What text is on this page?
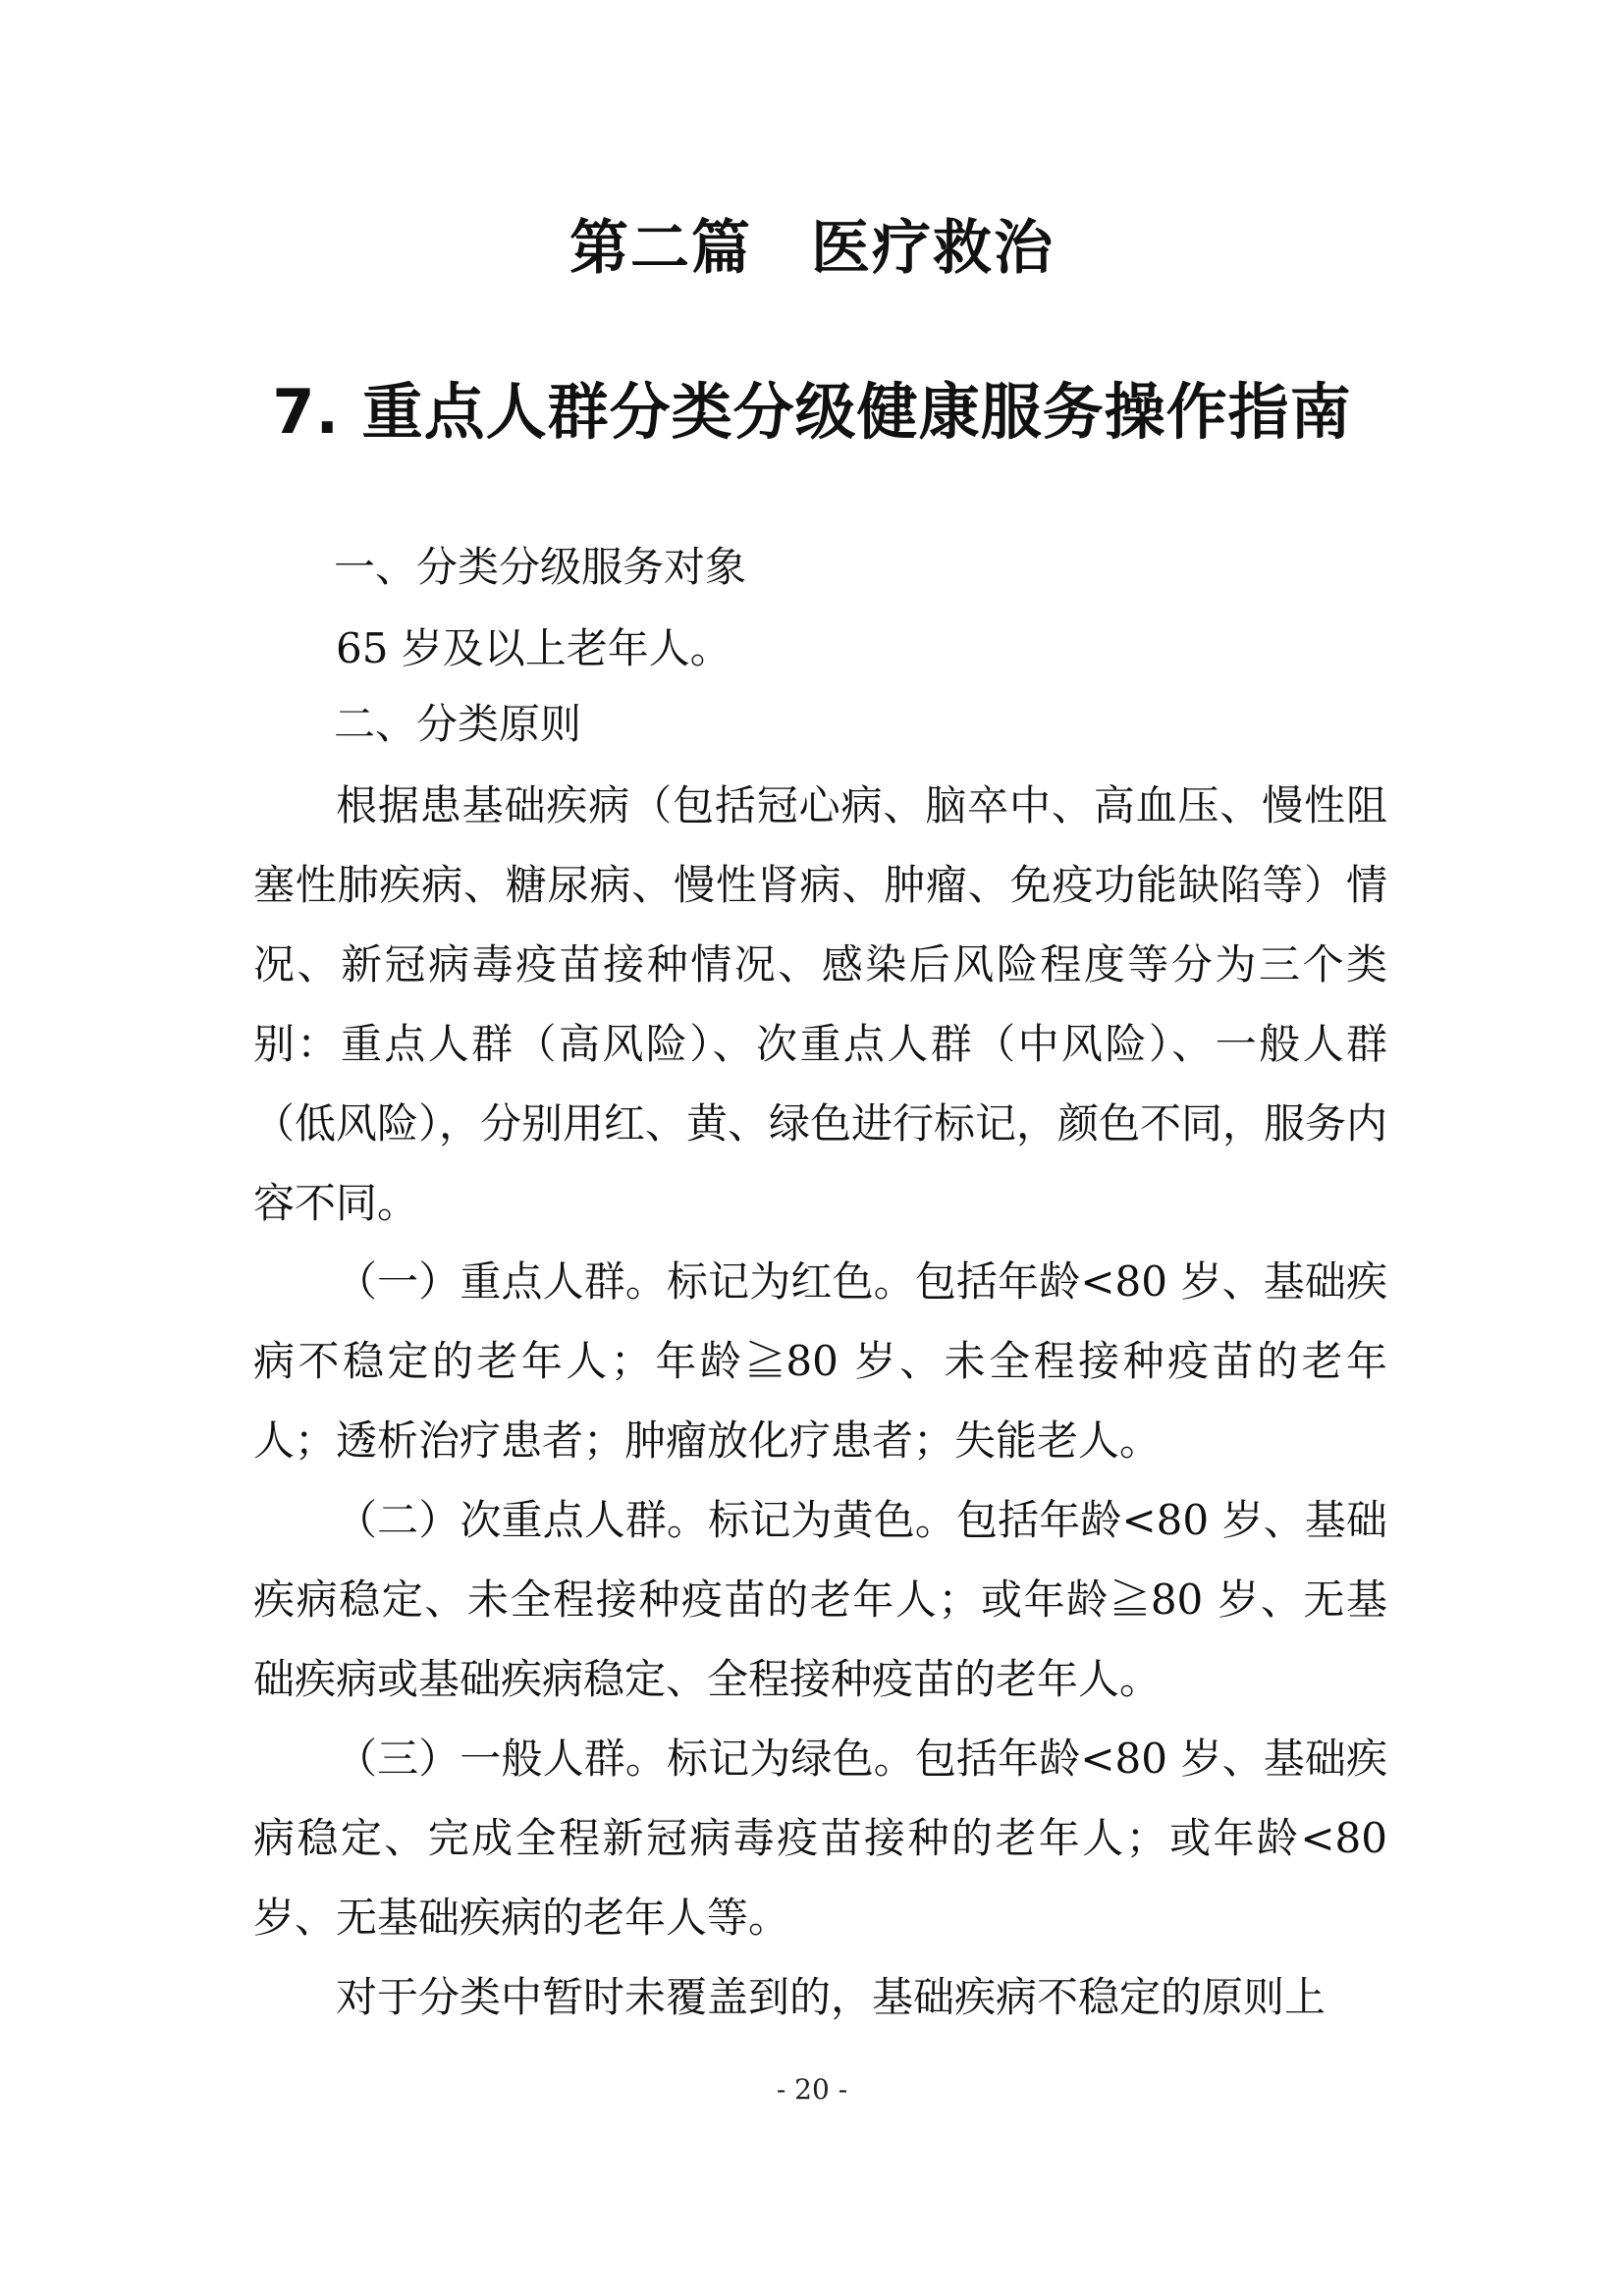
第二篇 医疗救治
7. 重点人群分类分级健康服务操作指南
一、分类分级服务对象
65 岁及以上老年人。
二、分类原则
根据患基础疾病（包括冠心病、脑卒中、高血压、慢性阻塞性肺疾病、糖尿病、慢性肾病、肿瘤、免疫功能缺陷等）情况、新冠病毒疫苗接种情况、感染后风险程度等分为三个类别：重点人群（高风险）、次重点人群（中风险）、一般人群（低风险），分别用红、黄、绿色进行标记，颜色不同，服务内容不同。
（一）重点人群。标记为红色。包括年龄<80 岁、基础疾病不稳定的老年人；年龄≧80 岁、未全程接种疫苗的老年人；透析治疗患者；肿瘤放化疗患者；失能老人。
（二）次重点人群。标记为黄色。包括年龄<80 岁、基础疾病稳定、未全程接种疫苗的老年人；或年龄≧80 岁、无基础疾病或基础疾病稳定、全程接种疫苗的老年人。
（三）一般人群。标记为绿色。包括年龄<80 岁、基础疾病稳定、完成全程新冠病毒疫苗接种的老年人；或年龄<80 岁、无基础疾病的老年人等。
对于分类中暂时未覆盖到的，基础疾病不稳定的原则上
- 20 -
